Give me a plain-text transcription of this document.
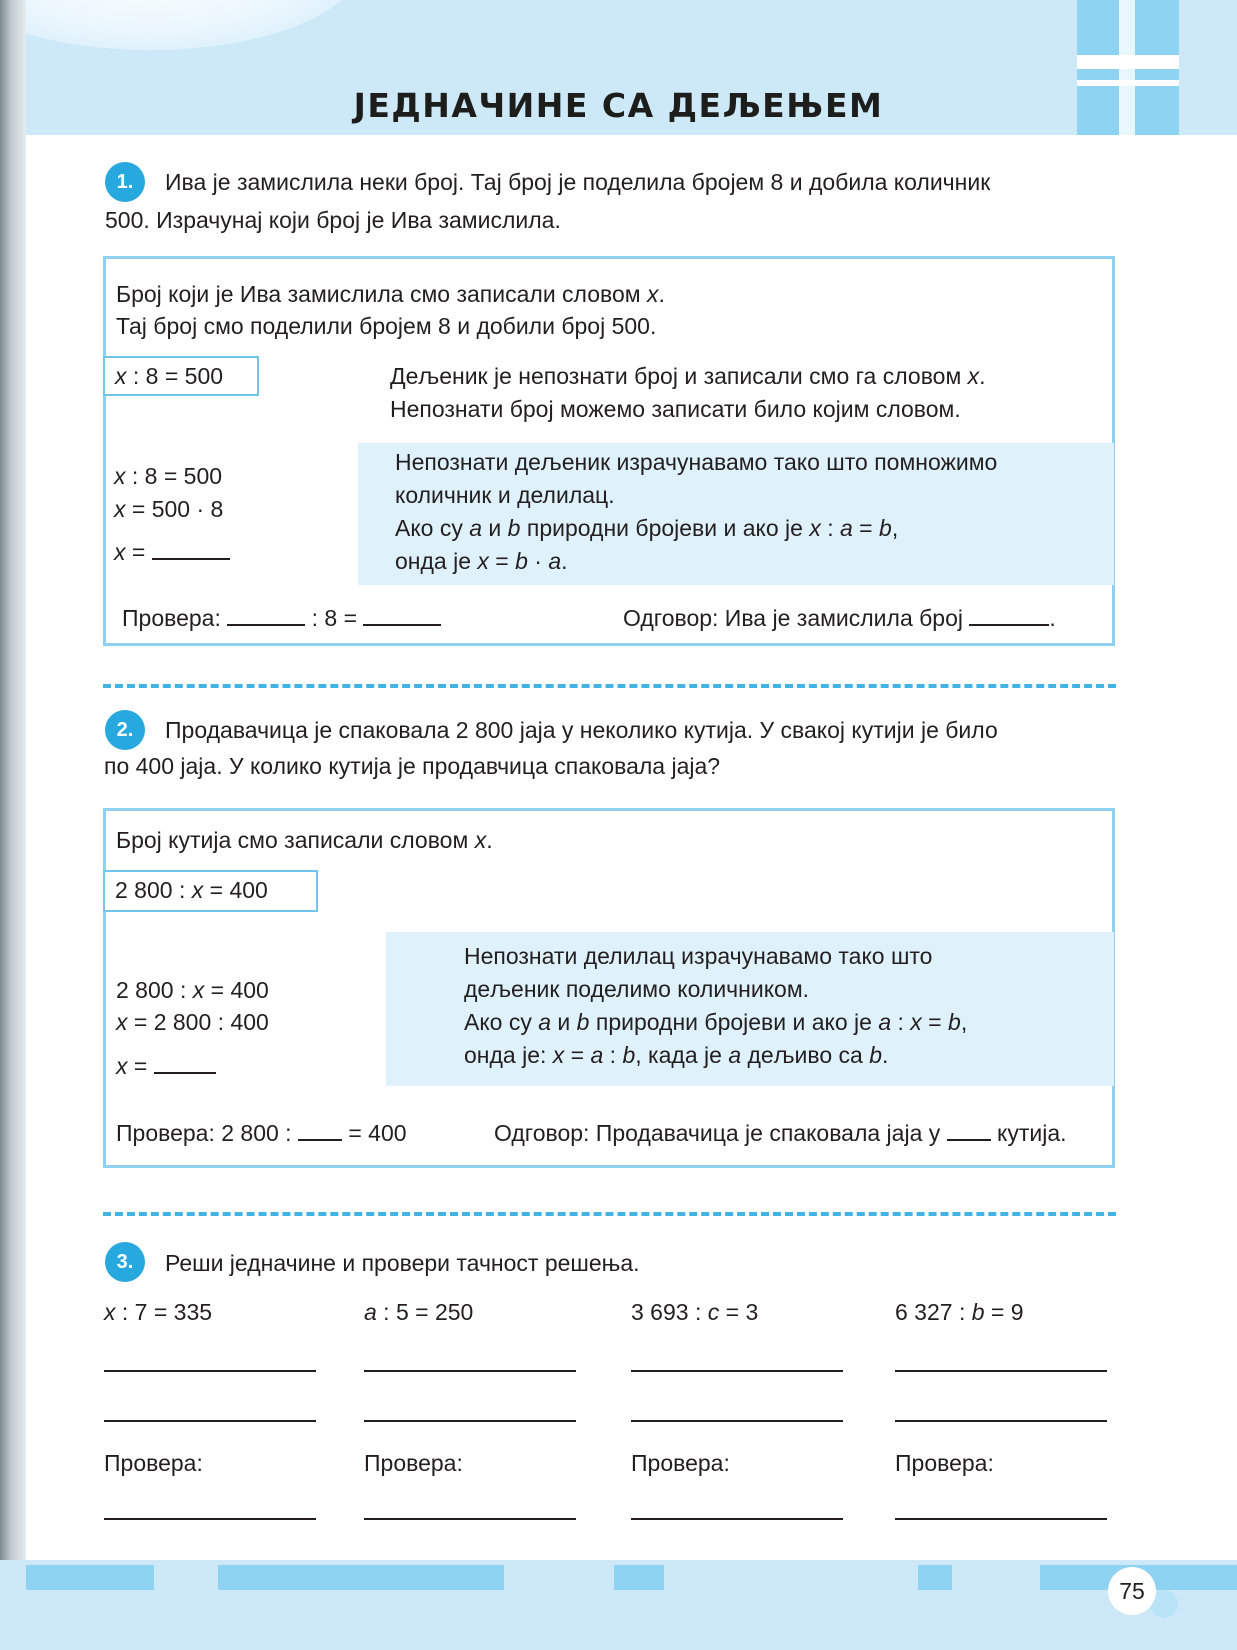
ЈЕДНАЧИНЕ СА ДЕЉЕЊЕМ
1.	Ива је замислила неки број. Тај број је поделила бројем 8 и добила количник
500. Израчунај који број је Ива замислила.
Број који је Ива замислила смо записали словом x.
Тај број смо поделили бројем 8 и добили број 500.
x : 8 = 500	Дељеник је непознати број и записали смо га словом x.
Непознати број можемо записати било којим словом.
Непознати дељеник израчунавамо тако што помножимо
количник и делилац.
Ако су a и b природни бројеви и ако је x : a = b,
онда је x = b · a.
x : 8 = 500
x = 500 · 8
x =
Провера:	: 8 =	Одговор: Ива је замислила број	.
2.	Продавачица је спаковала 2 800 јаја у неколико кутија. У свакој кутији је било
по 400 јаја. У колико кутија је продавчица спаковала јаја?
Број кутија смо записали словом x.
2 800 : x = 400
Непознати делилац израчунавамо тако што
дељеник поделимо количником.
Ако су a и b природни бројеви и ако је a : x = b,
онда је: x = a : b, када је a дељиво са b.
2 800 : x = 400
x = 2 800 : 400
x =
Провера: 2 800 :  = 400	Одговор: Продавачица је спаковала јаја у кутија.
3.	Реши једначине и провери тачност решења.
x : 7 = 335
Провера:
a : 5 = 250
Провера:
3 693 : c = 3
Провера:
6 327 : b = 9
Провера:
75
